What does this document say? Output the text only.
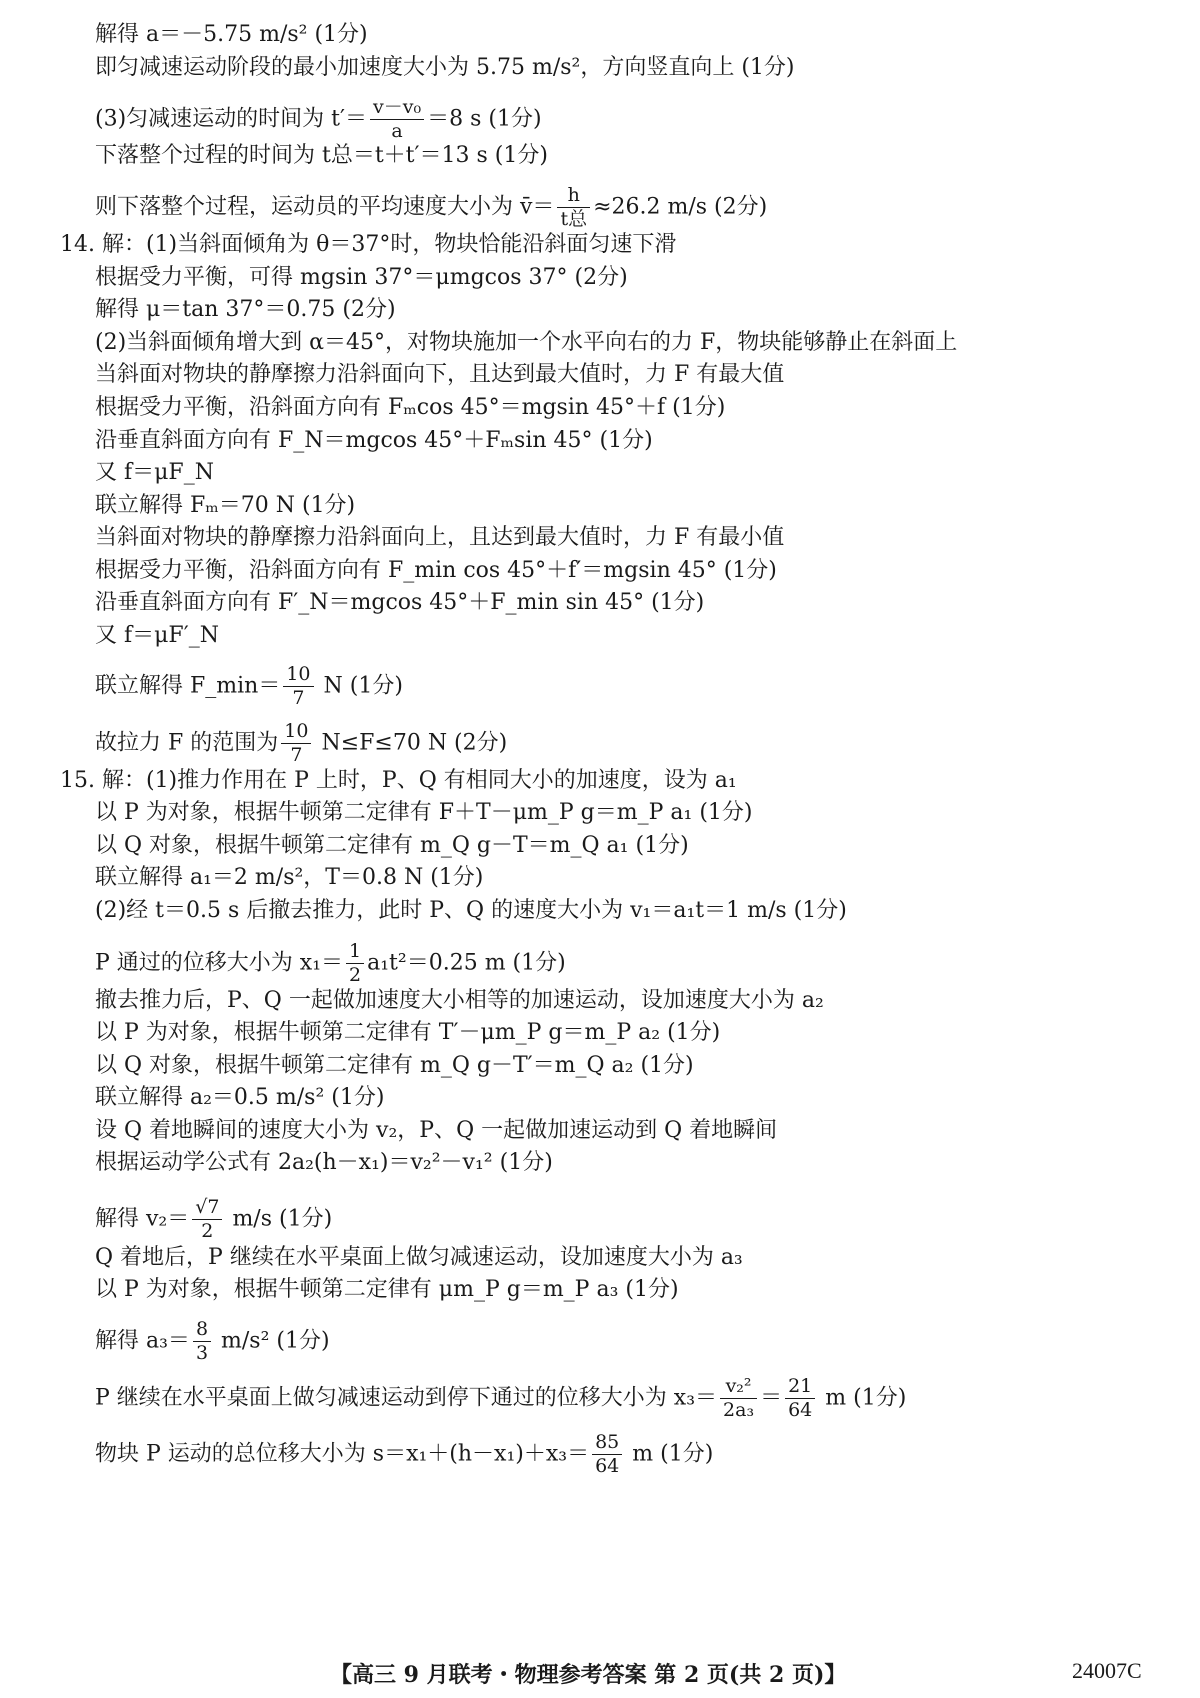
解得 a＝－5.75 m/s² (1分)
即匀减速运动阶段的最小加速度大小为 5.75 m/s²，方向竖直向上 (1分)
(3)匀减速运动的时间为 $t'= \frac{\text{v－v₀}}{a} =8$ s (1分)
下落整个过程的时间为 t总＝t＋t′＝13 s (1分)
则下落整个过程，运动员的平均速度大小为 v̄＝ $\frac{h}{\text{t总}} \approx 26.2$ m/s (2分)
14. 解：(1)当斜面倾角为 θ＝37°时，物块恰能沿斜面匀速下滑
根据受力平衡，可得 mgsin 37°＝μmgcos 37° (2分)
解得 μ＝tan 37°＝0.75 (2分)
(2)当斜面倾角增大到 α＝45°，对物块施加一个水平向右的力 F，物块能够静止在斜面上
当斜面对物块的静摩擦力沿斜面向下，且达到最大值时，力 F 有最大值
根据受力平衡，沿斜面方向有 Fₘcos 45°＝mgsin 45°＋f (1分)
沿垂直斜面方向有 F_N＝mgcos 45°＋Fₘsin 45° (1分)
又 f＝μF_N
联立解得 Fₘ＝70 N (1分)
当斜面对物块的静摩擦力沿斜面向上，且达到最大值时，力 F 有最小值
根据受力平衡，沿斜面方向有 F_min cos 45°＋f′＝mgsin 45° (1分)
沿垂直斜面方向有 F′_N＝mgcos 45°＋F_min sin 45° (1分)
又 f＝μF′_N
联立解得 F_min＝ $\frac{10}{7}$ N (1分)
故拉力 F 的范围为 $\frac{10}{7} N\le F\le 70$ N (2分)
15. 解：(1)推力作用在 P 上时，P、Q 有相同大小的加速度，设为 a₁
以 P 为对象，根据牛顿第二定律有 F＋T－μm_P g＝m_P a₁ (1分)
以 Q 对象，根据牛顿第二定律有 m_Q g－T＝m_Q a₁ (1分)
联立解得 a₁＝2 m/s²，T＝0.8 N (1分)
(2)经 t＝0.5 s 后撤去推力，此时 P、Q 的速度大小为 v₁＝a₁t＝1 m/s (1分)
P 通过的位移大小为 $x_1= \frac{1}{2} a_1t^2=0.25$ m (1分)
撤去推力后，P、Q 一起做加速度大小相等的加速运动，设加速度大小为 a₂
以 P 为对象，根据牛顿第二定律有 T′－μm_P g＝m_P a₂ (1分)
以 Q 对象，根据牛顿第二定律有 m_Q g－T′＝m_Q a₂ (1分)
联立解得 a₂＝0.5 m/s² (1分)
设 Q 着地瞬间的速度大小为 v₂，P、Q 一起做加速运动到 Q 着地瞬间
根据运动学公式有 2a₂(h－x₁)＝v₂²－v₁² (1分)
解得 $v_2= \frac{√7}{2} m/s$ (1分)
Q 着地后，P 继续在水平桌面上做匀减速运动，设加速度大小为 a₃
以 P 为对象，根据牛顿第二定律有 μm_P g＝m_P a₃ (1分)
解得 $a_3= \frac{8}{3} m/s^2$ (1分)
P 继续在水平桌面上做匀减速运动到停下通过的位移大小为 $x_3= \frac{\text{v₂²}}{\text{2a₃}} = \frac{21}{64}$ m (1分)
物块 P 运动的总位移大小为 $s=x_1+(h-x_1)+x_3= \frac{85}{64}$ m (1分)
【高三 9 月联考・物理参考答案 第 2 页(共 2 页)】	24007C
